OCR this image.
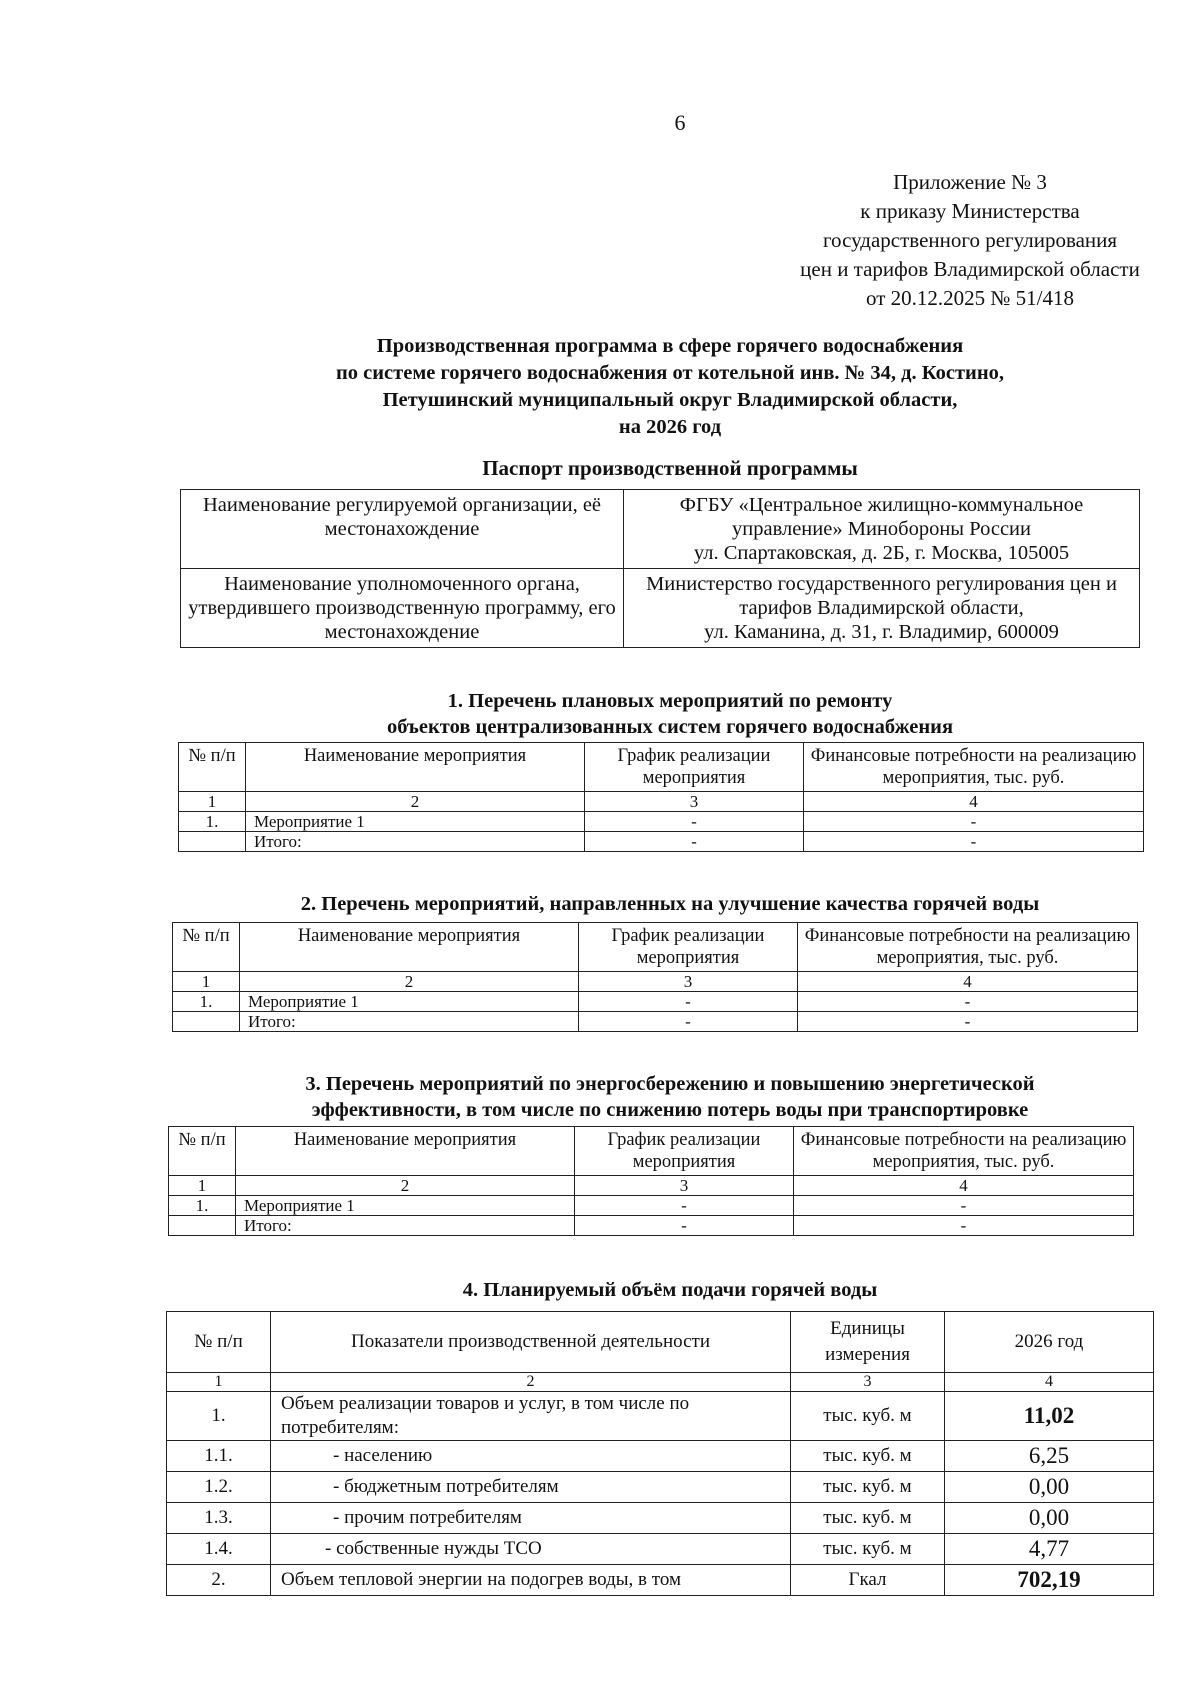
6
Приложение № 3
к приказу Министерства
государственного регулирования
цен и тарифов Владимирской области
от 20.12.2025 № 51/418
Производственная программа в сфере горячего водоснабжения
по системе горячего водоснабжения от котельной инв. № 34, д. Костино,
Петушинский муниципальный округ Владимирской области,
на 2026 год
Паспорт производственной программы
Наименование регулируемой организации, её местонахождение	ФГБУ «Центральное жилищно-коммунальное управление» Минобороны России
ул. Спартаковская, д. 2Б, г. Москва, 105005

Наименование уполномоченного органа, утвердившего производственную программу, его местонахождение	Министерство государственного регулирования цен и тарифов Владимирской области,
ул. Каманина, д. 31, г. Владимир, 600009
1. Перечень плановых мероприятий по ремонту
объектов централизованных систем горячего водоснабжения
№ п/п	Наименование мероприятия	График реализации мероприятия	Финансовые потребности на реализацию мероприятия, тыс. руб.
1	2	3	4
1.	Мероприятие 1	-	-
	Итого:	-	-
2. Перечень мероприятий, направленных на улучшение качества горячей воды
№ п/п	Наименование мероприятия	График реализации мероприятия	Финансовые потребности на реализацию мероприятия, тыс. руб.
1	2	3	4
1.	Мероприятие 1	-	-
	Итого:	-	-
3. Перечень мероприятий по энергосбережению и повышению энергетической
эффективности, в том числе по снижению потерь воды при транспортировке
№ п/п	Наименование мероприятия	График реализации мероприятия	Финансовые потребности на реализацию мероприятия, тыс. руб.
1	2	3	4
1.	Мероприятие 1	-	-
	Итого:	-	-
4. Планируемый объём подачи горячей воды
№ п/п	Показатели производственной деятельности	Единицы измерения	2026 год
1	2	3	4
1.	Объем реализации товаров и услуг, в том числе по потребителям:	тыс. куб. м	11,02
1.1.	- населению	тыс. куб. м	6,25
1.2.	- бюджетным потребителям	тыс. куб. м	0,00
1.3.	- прочим потребителям	тыс. куб. м	0,00
1.4.	- собственные нужды ТСО	тыс. куб. м	4,77
2.	Объем тепловой энергии на подогрев воды, в том	Гкал	702,19
